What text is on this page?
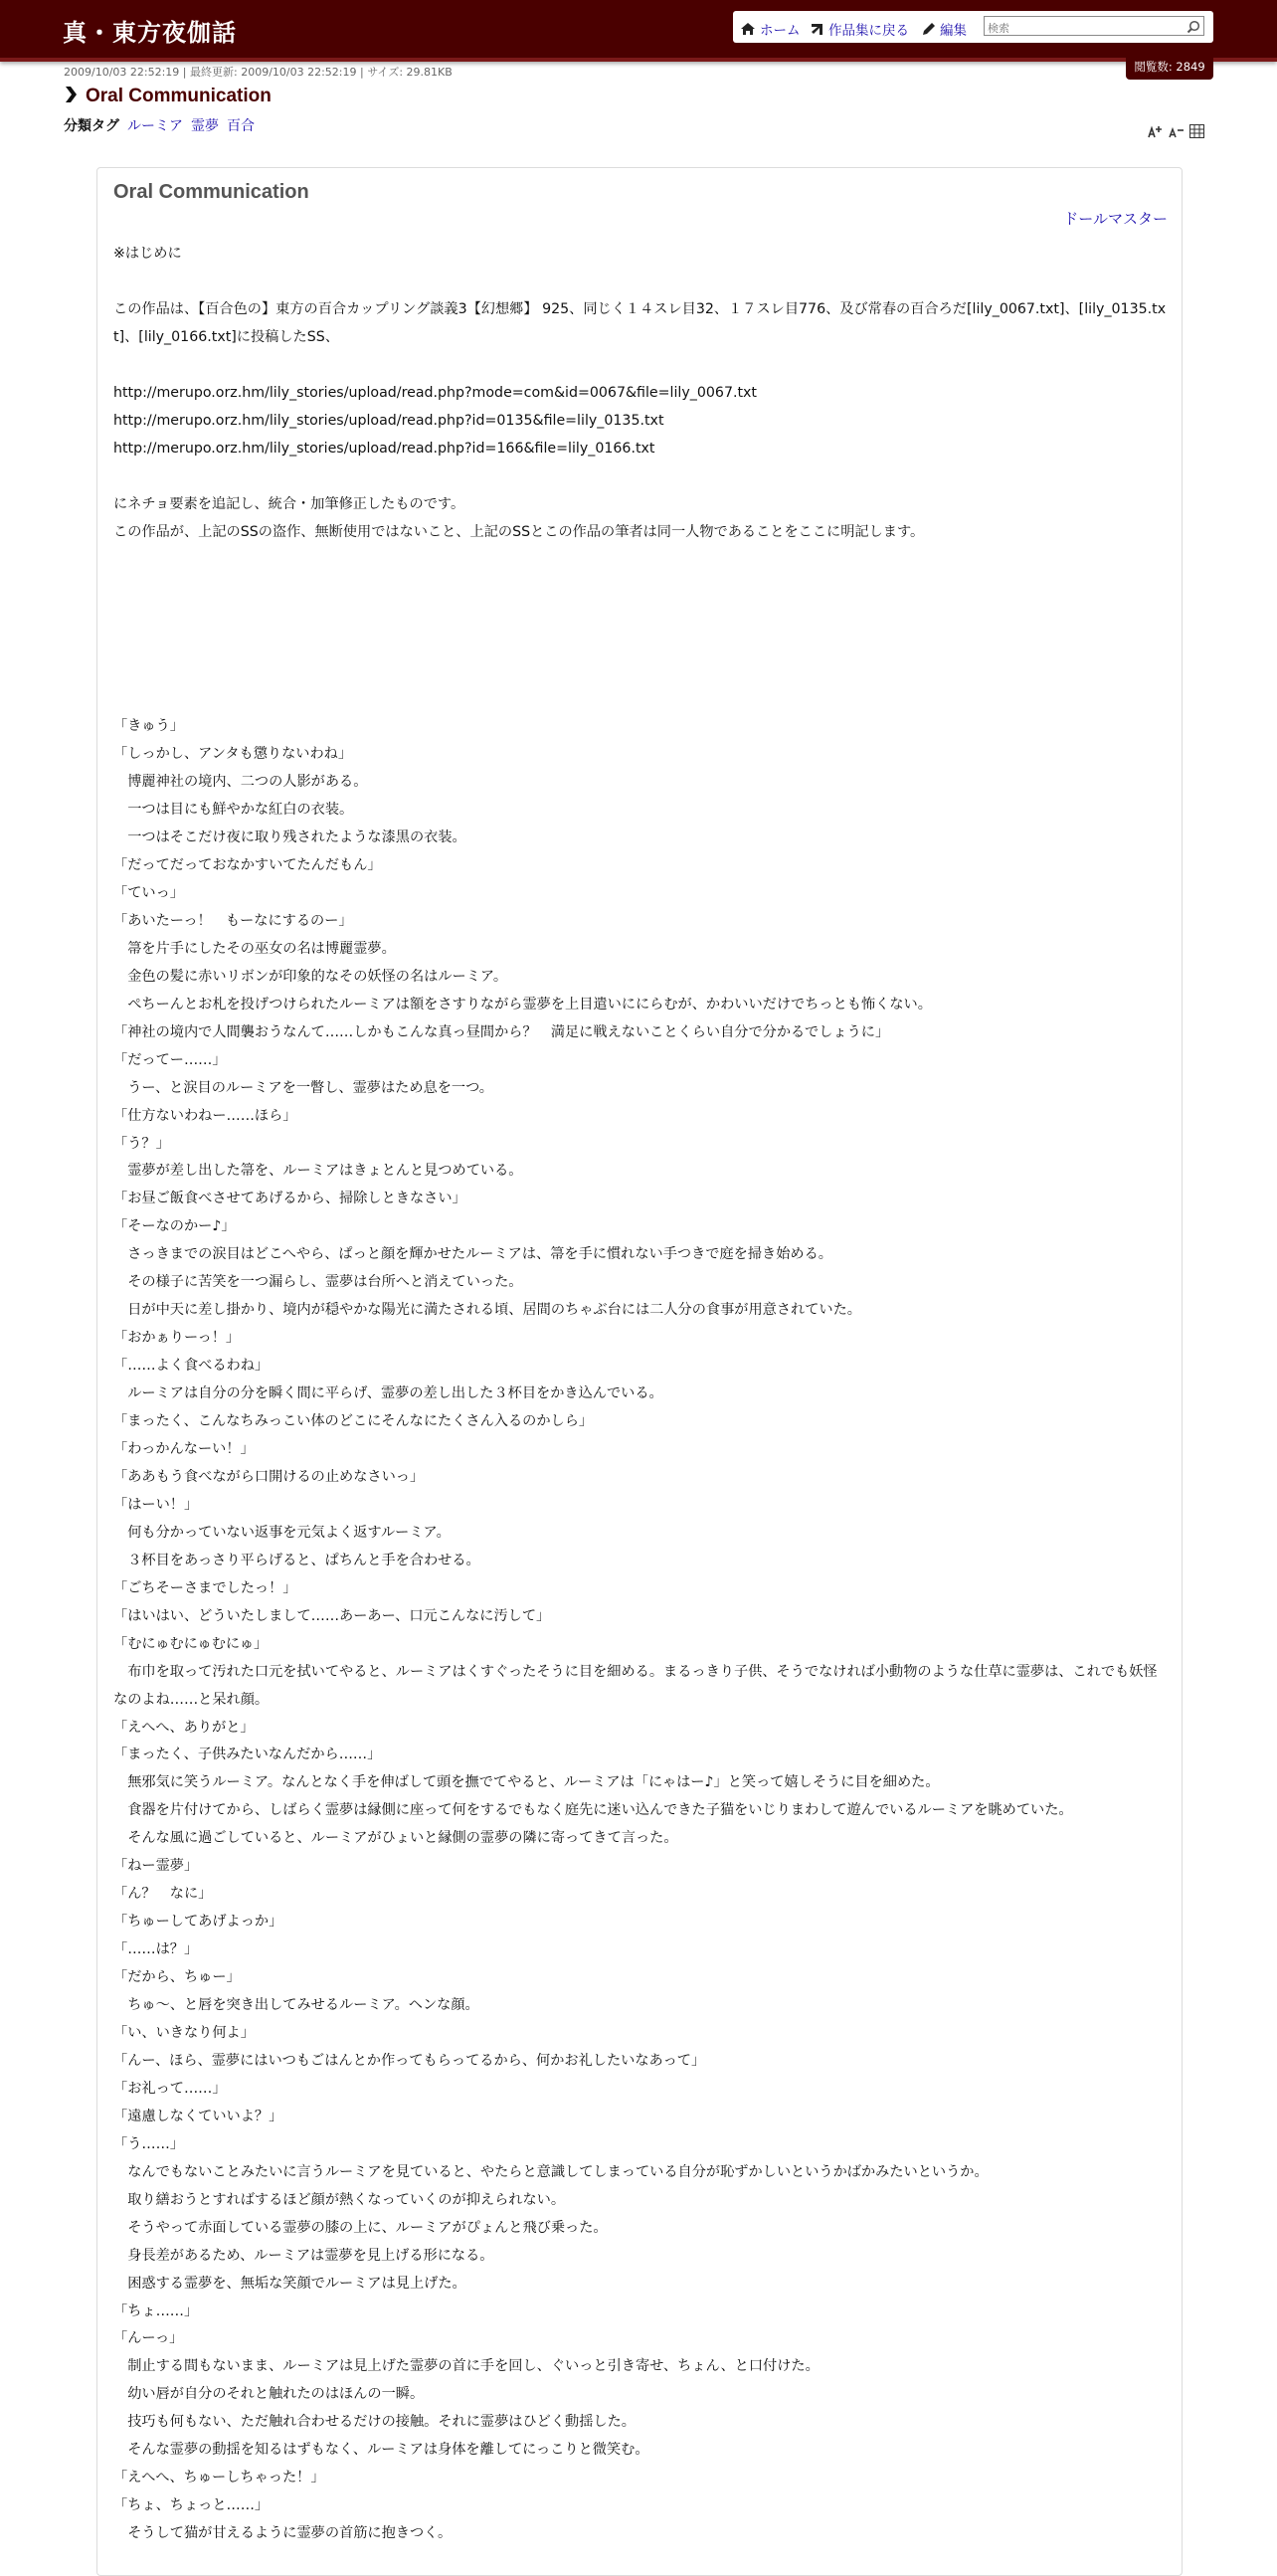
真・東方夜伽話	ホーム 作品集に戻る 編集
検索
2009/10/03 22:52:19 | 最終更新: 2009/10/03 22:52:19 | サイズ: 29.81KB	閲覧数: 2849
Oral Communication
分類タグ ルーミア 霊夢 百合
Oral Communication
ドールマスター
※はじめに

この作品は、【百合色の】東方の百合カップリング談義3【幻想郷】 925、同じく１４スレ目32、１７スレ目776、及び常春の百合ろだ[lily_0067.txt]、[lily_0135.txt]、[lily_0166.txt]に投稿したSS、

http://merupo.orz.hm/lily_stories/upload/read.php?mode=com&id=0067&file=lily_0067.txt
http://merupo.orz.hm/lily_stories/upload/read.php?id=0135&file=lily_0135.txt
http://merupo.orz.hm/lily_stories/upload/read.php?id=166&file=lily_0166.txt

にネチョ要素を追記し、統合・加筆修正したものです。
この作品が、上記のSSの盗作、無断使用ではないこと、上記のSSとこの作品の筆者は同一人物であることをここに明記します。

「きゅう」
「しっかし、アンタも懲りないわね」
　博麗神社の境内、二つの人影がある。
　一つは目にも鮮やかな紅白の衣装。
　一つはそこだけ夜に取り残されたような漆黒の衣装。
「だってだっておなかすいてたんだもん」
「ていっ」
「あいたーっ！　もーなにするのー」
　箒を片手にしたその巫女の名は博麗霊夢。
　金色の髪に赤いリボンが印象的なその妖怪の名はルーミア。
　ぺちーんとお札を投げつけられたルーミアは額をさすりながら霊夢を上目遣いににらむが、かわいいだけでちっとも怖くない。
「神社の境内で人間襲おうなんて……しかもこんな真っ昼間から？　満足に戦えないことくらい自分で分かるでしょうに」
「だってー……」
　うー、と涙目のルーミアを一瞥し、霊夢はため息を一つ。
「仕方ないわねー……ほら」
「う？」
　霊夢が差し出した箒を、ルーミアはきょとんと見つめている。
「お昼ご飯食べさせてあげるから、掃除しときなさい」
「そーなのかー♪」
　さっきまでの涙目はどこへやら、ぱっと顔を輝かせたルーミアは、箒を手に慣れない手つきで庭を掃き始める。
　その様子に苦笑を一つ漏らし、霊夢は台所へと消えていった。
　日が中天に差し掛かり、境内が穏やかな陽光に満たされる頃、居間のちゃぶ台には二人分の食事が用意されていた。
「おかぁりーっ！」
「……よく食べるわね」
　ルーミアは自分の分を瞬く間に平らげ、霊夢の差し出した３杯目をかき込んでいる。
「まったく、こんなちみっこい体のどこにそんなにたくさん入るのかしら」
「わっかんなーい！」
「ああもう食べながら口開けるの止めなさいっ」
「はーい！」
　何も分かっていない返事を元気よく返すルーミア。
　３杯目をあっさり平らげると、ぱちんと手を合わせる。
「ごちそーさまでしたっ！」
「はいはい、どういたしまして……あーあー、口元こんなに汚して」
「むにゅむにゅむにゅ」
　布巾を取って汚れた口元を拭いてやると、ルーミアはくすぐったそうに目を細める。まるっきり子供、そうでなければ小動物のような仕草に霊夢は、これでも妖怪なのよね……と呆れ顔。
「えへへ、ありがと」
「まったく、子供みたいなんだから……」
　無邪気に笑うルーミア。なんとなく手を伸ばして頭を撫でてやると、ルーミアは「にゃはー♪」と笑って嬉しそうに目を細めた。
　食器を片付けてから、しばらく霊夢は縁側に座って何をするでもなく庭先に迷い込んできた子猫をいじりまわして遊んでいるルーミアを眺めていた。
　そんな風に過ごしていると、ルーミアがひょいと縁側の霊夢の隣に寄ってきて言った。
「ねー霊夢」
「ん？　なに」
「ちゅーしてあげよっか」
「……は？」
「だから、ちゅー」
　ちゅ～、と唇を突き出してみせるルーミア。ヘンな顔。
「い、いきなり何よ」
「んー、ほら、霊夢にはいつもごはんとか作ってもらってるから、何かお礼したいなあって」
「お礼って……」
「遠慮しなくていいよ？」
「う……」
　なんでもないことみたいに言うルーミアを見ていると、やたらと意識してしまっている自分が恥ずかしいというかばかみたいというか。
　取り繕おうとすればするほど顔が熱くなっていくのが抑えられない。
　そうやって赤面している霊夢の膝の上に、ルーミアがぴょんと飛び乗った。
　身長差があるため、ルーミアは霊夢を見上げる形になる。
　困惑する霊夢を、無垢な笑顔でルーミアは見上げた。
「ちょ……」
「んーっ」
　制止する間もないまま、ルーミアは見上げた霊夢の首に手を回し、ぐいっと引き寄せ、ちょん、と口付けた。
　幼い唇が自分のそれと触れたのはほんの一瞬。
　技巧も何もない、ただ触れ合わせるだけの接触。それに霊夢はひどく動揺した。
　そんな霊夢の動揺を知るはずもなく、ルーミアは身体を離してにっこりと微笑む。
「えへへ、ちゅーしちゃった！」
「ちょ、ちょっと……」
　そうして猫が甘えるように霊夢の首筋に抱きつく。
